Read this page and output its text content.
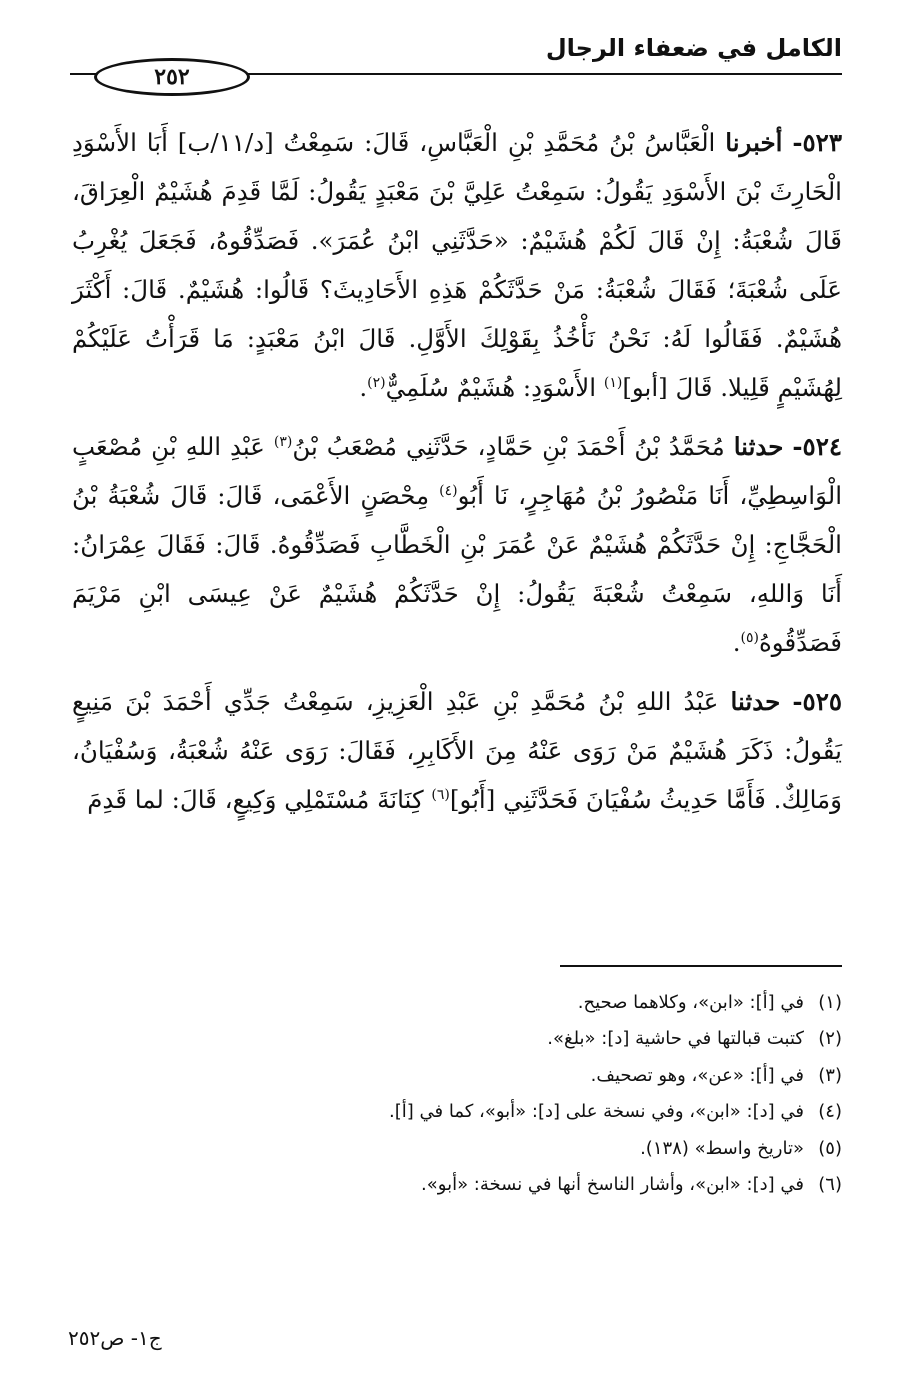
الكامل في ضعفاء الرجال
٢٥٢

٥٢٣- أخبرنا الْعَبَّاسُ بْنُ مُحَمَّدِ بْنِ الْعَبَّاسِ، قَالَ: سَمِعْتُ [د/١١/ب] أَبَا الأَسْوَدِ الْحَارِثَ بْنَ الأَسْوَدِ يَقُولُ: سَمِعْتُ عَلِيَّ بْنَ مَعْبَدٍ يَقُولُ: لَمَّا قَدِمَ هُشَيْمٌ الْعِرَاقَ، قَالَ شُعْبَةُ: إِنْ قَالَ لَكُمْ هُشَيْمٌ: «حَدَّثَنِي ابْنُ عُمَرَ». فَصَدِّقُوهُ، فَجَعَلَ يُغْرِبُ عَلَى شُعْبَةَ؛ فَقَالَ شُعْبَةُ: مَنْ حَدَّثَكُمْ هَذِهِ الأَحَادِيثَ؟ قَالُوا: هُشَيْمٌ. قَالَ: أَكْثَرَ هُشَيْمٌ. فَقَالُوا لَهُ: نَحْنُ نَأْخُذُ بِقَوْلِكَ الأَوَّلِ. قَالَ ابْنُ مَعْبَدٍ: مَا قَرَأْتُ عَلَيْكُمْ لِهُشَيْمٍ قَلِيلا. قَالَ [أبو]$^{(١)}$ الأَسْوَدِ: هُشَيْمٌ سُلَمِيٌّ$^{(٢)}$.

٥٢٤- حدثنا مُحَمَّدُ بْنُ أَحْمَدَ بْنِ حَمَّادٍ، حَدَّثَنِي مُصْعَبُ بْنُ$^{(٣)}$ عَبْدِ اللهِ بْنِ مُصْعَبٍ الْوَاسِطِيِّ، أَنَا مَنْصُورُ بْنُ مُهَاجِرٍ، نَا أَبُو$^{(٤)}$ مِحْصَنٍ الأَعْمَى، قَالَ: قَالَ شُعْبَةُ بْنُ الْحَجَّاجِ: إِنْ حَدَّثَكُمْ هُشَيْمٌ عَنْ عُمَرَ بْنِ الْخَطَّابِ فَصَدِّقُوهُ. قَالَ: فَقَالَ عِمْرَانُ: أَنَا وَاللهِ، سَمِعْتُ شُعْبَةَ يَقُولُ: إِنْ حَدَّثَكُمْ هُشَيْمٌ عَنْ عِيسَى ابْنِ مَرْيَمَ فَصَدِّقُوهُ$^{(٥)}$.

٥٢٥- حدثنا عَبْدُ اللهِ بْنُ مُحَمَّدِ بْنِ عَبْدِ الْعَزِيزِ، سَمِعْتُ جَدِّي أَحْمَدَ بْنَ مَنِيعٍ يَقُولُ: ذَكَرَ هُشَيْمٌ مَنْ رَوَى عَنْهُ مِنَ الأَكَابِرِ، فَقَالَ: رَوَى عَنْهُ شُعْبَةُ، وَسُفْيَانُ، وَمَالِكٌ. فَأَمَّا حَدِيثُ سُفْيَانَ فَحَدَّثَنِي [أَبُو]$^{(٦)}$ كِنَانَةَ مُسْتَمْلِي وَكِيعٍ، قَالَ: لما قَدِمَ

(١)
في [أ]: «ابن»، وكلاهما صحيح.
(٢)
كتبت قبالتها في حاشية [د]: «بلغ».
(٣)
في [أ]: «عن»، وهو تصحيف.
(٤)
في [د]: «ابن»، وفي نسخة على [د]: «أبو»، كما في [أ].
(٥)
«تاريخ واسط» (١٣٨).
(٦)
في [د]: «ابن»، وأشار الناسخ أنها في نسخة: «أبو».
ج١- ص٢٥٢
